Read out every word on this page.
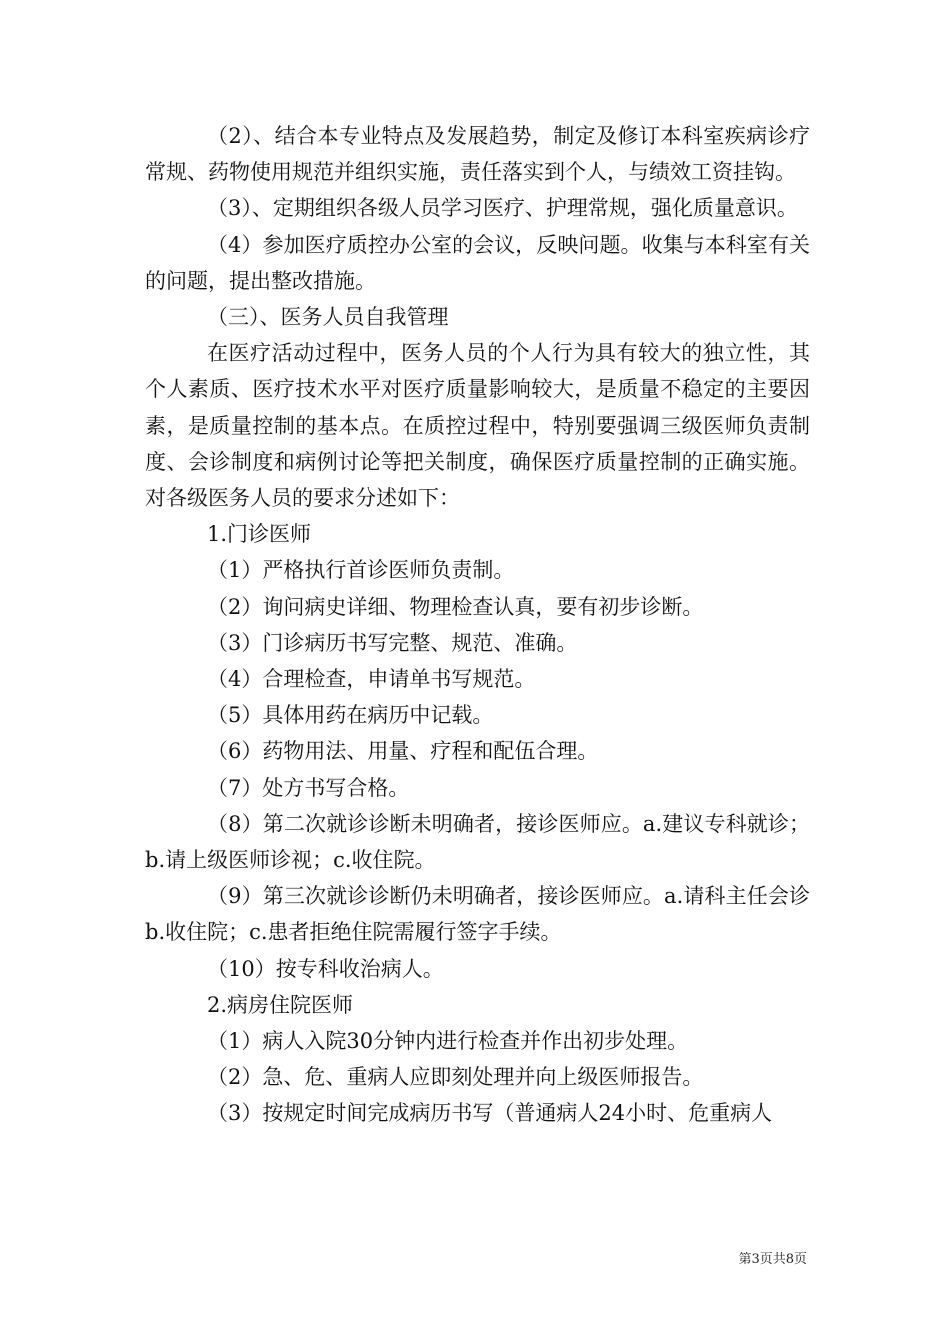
（2）、结合本专业特点及发展趋势，制定及修订本科室疾病诊疗常规、药物使用规范并组织实施，责任落实到个人，与绩效工资挂钩。

（3）、定期组织各级人员学习医疗、护理常规，强化质量意识。

（4）参加医疗质控办公室的会议，反映问题。收集与本科室有关的问题，提出整改措施。

（三）、医务人员自我管理

在医疗活动过程中，医务人员的个人行为具有较大的独立性，其个人素质、医疗技术水平对医疗质量影响较大，是质量不稳定的主要因素，是质量控制的基本点。在质控过程中，特别要强调三级医师负责制度、会诊制度和病例讨论等把关制度，确保医疗质量控制的正确实施。对各级医务人员的要求分述如下：

1.门诊医师

（1）严格执行首诊医师负责制。

（2）询问病史详细、物理检查认真，要有初步诊断。

（3）门诊病历书写完整、规范、准确。

（4）合理检查，申请单书写规范。

（5）具体用药在病历中记载。

（6）药物用法、用量、疗程和配伍合理。

（7）处方书写合格。

（8）第二次就诊诊断未明确者，接诊医师应。a.建议专科就诊；b.请上级医师诊视；c.收住院。

（9）第三次就诊诊断仍未明确者，接诊医师应。a.请科主任会诊b.收住院；c.患者拒绝住院需履行签字手续。

（10）按专科收治病人。

2.病房住院医师

（1）病人入院30分钟内进行检查并作出初步处理。

（2）急、危、重病人应即刻处理并向上级医师报告。

（3）按规定时间完成病历书写（普通病人24小时、危重病人

第3页共8页
